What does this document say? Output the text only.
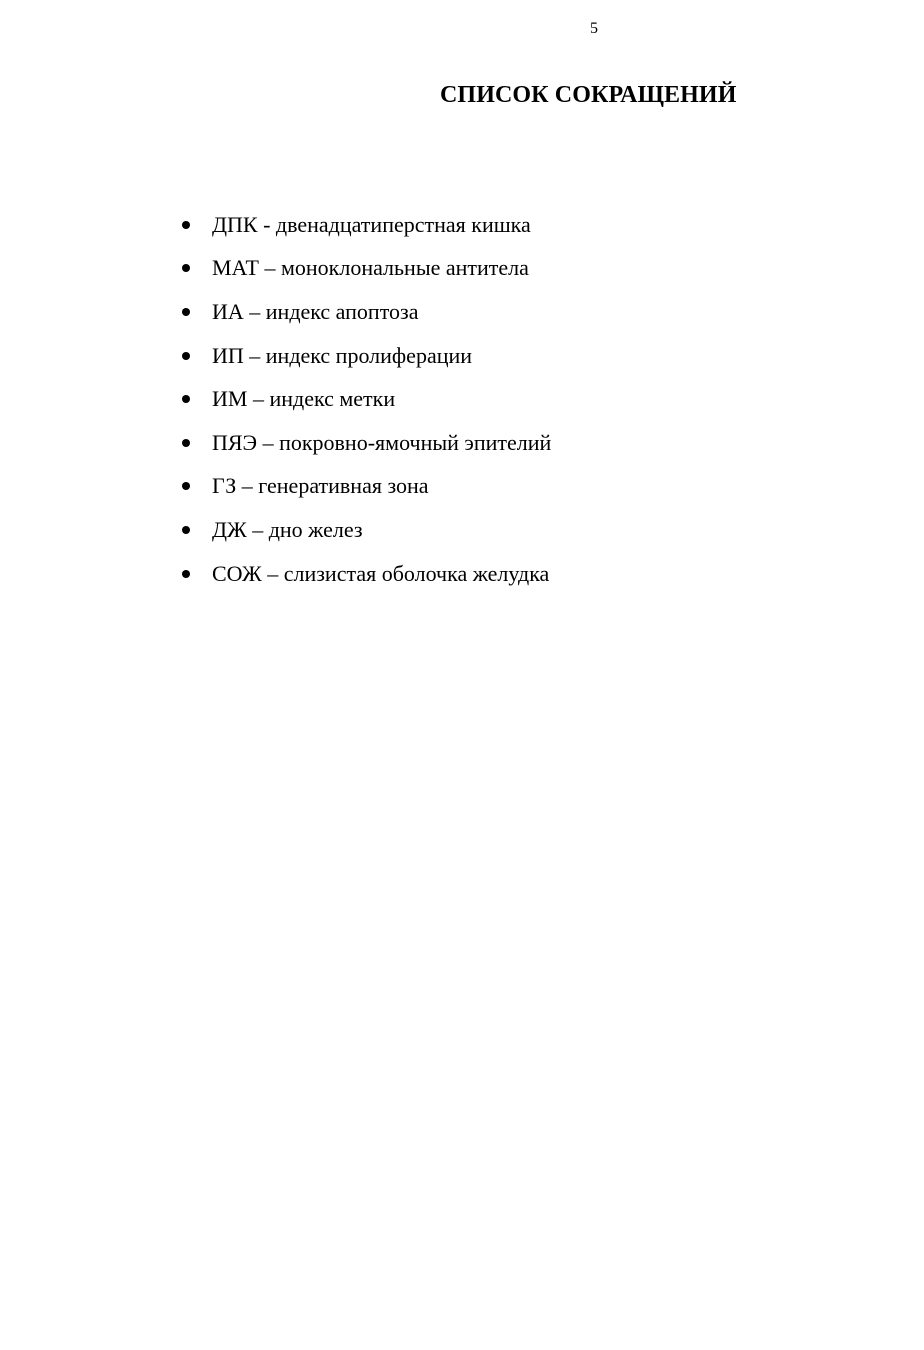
5
СПИСОК СОКРАЩЕНИЙ
ДПК - двенадцатиперстная кишка
МАТ – моноклональные антитела
ИА – индекс апоптоза
ИП – индекс пролиферации
ИМ – индекс метки
ПЯЭ – покровно-ямочный эпителий
ГЗ – генеративная зона
ДЖ – дно желез
СОЖ – слизистая оболочка желудка
